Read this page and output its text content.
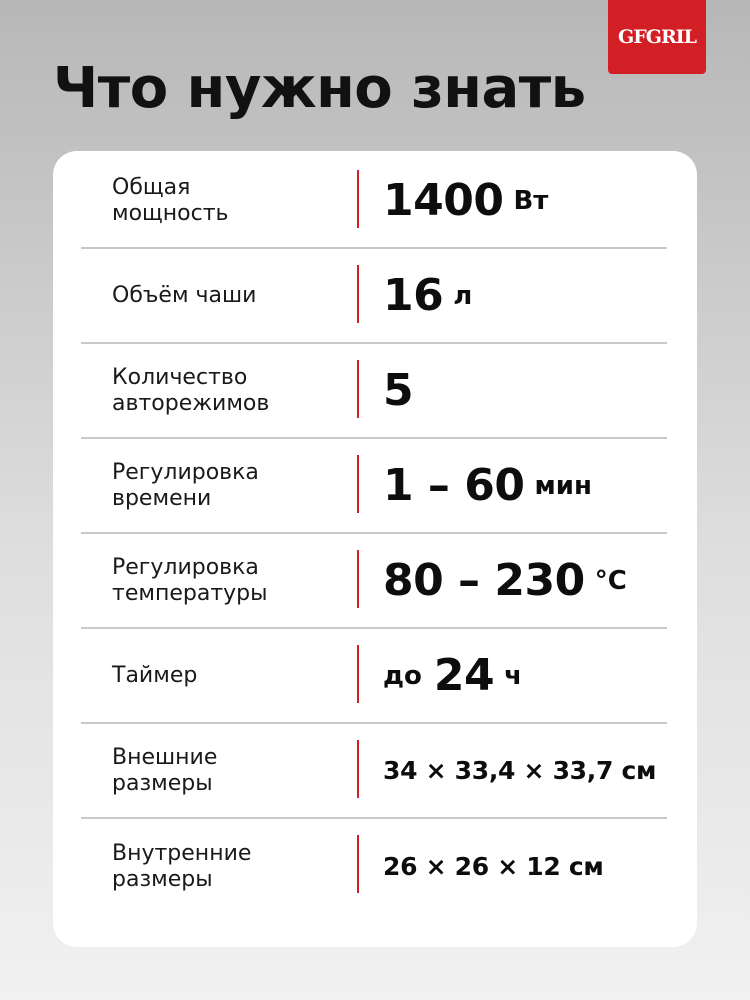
GFGRIL
Что нужно знать
Общая
мощность	1400 Вт
Объём чаши	16 л
Количество
авторежимов	5
Регулировка
времени	1 – 60 мин
Регулировка
температуры	80 – 230 °C
Таймер	до 24 ч
Внешние
размеры	34 × 33,4 × 33,7 см
Внутренние
размеры	26 × 26 × 12 см
